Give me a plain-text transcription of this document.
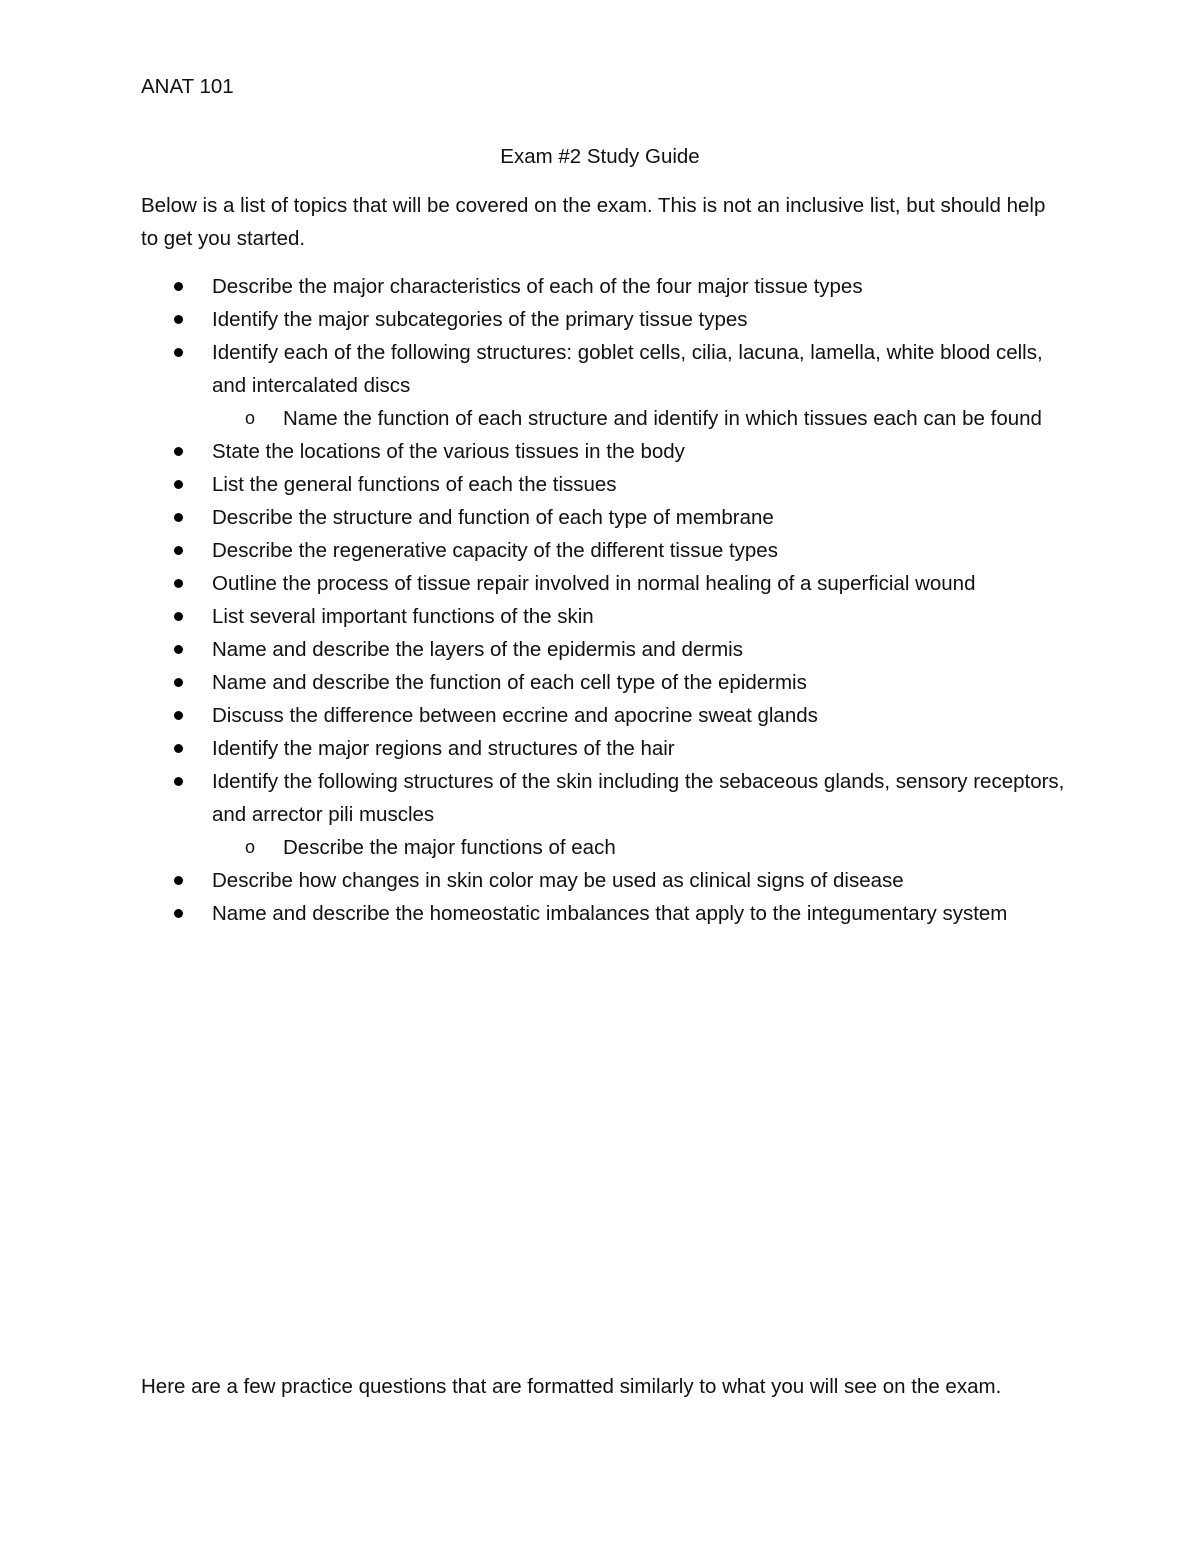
ANAT 101

Exam #2 Study Guide

Below is a list of topics that will be covered on the exam. This is not an inclusive list, but should help to get you started.

Describe the major characteristics of each of the four major tissue types
Identify the major subcategories of the primary tissue types
Identify each of the following structures: goblet cells, cilia, lacuna, lamella, white blood cells, and intercalated discs
o Name the function of each structure and identify in which tissues each can be found
State the locations of the various tissues in the body
List the general functions of each the tissues
Describe the structure and function of each type of membrane
Describe the regenerative capacity of the different tissue types
Outline the process of tissue repair involved in normal healing of a superficial wound
List several important functions of the skin
Name and describe the layers of the epidermis and dermis
Name and describe the function of each cell type of the epidermis
Discuss the difference between eccrine and apocrine sweat glands
Identify the major regions and structures of the hair
Identify the following structures of the skin including the sebaceous glands, sensory receptors, and arrector pili muscles
o Describe the major functions of each
Describe how changes in skin color may be used as clinical signs of disease
Name and describe the homeostatic imbalances that apply to the integumentary system

Here are a few practice questions that are formatted similarly to what you will see on the exam.
